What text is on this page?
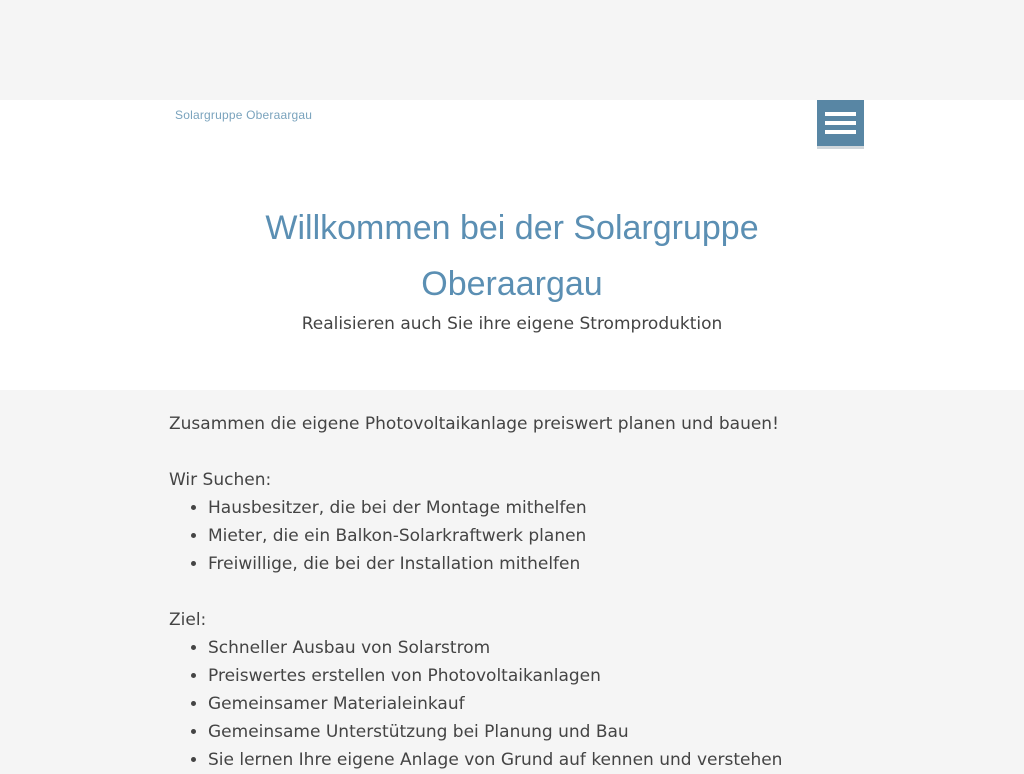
Solargruppe Oberaargau
Willkommen bei der Solargruppe
Oberaargau
Realisieren auch Sie ihre eigene Stromproduktion

Zusammen die eigene Photovoltaikanlage preiswert planen und bauen!

Wir Suchen:

• Hausbesitzer, die bei der Montage mithelfen
• Mieter, die ein Balkon-Solarkraftwerk planen
• Freiwillige, die bei der Installation mithelfen

Ziel:

• Schneller Ausbau von Solarstrom
• Preiswertes erstellen von Photovoltaikanlagen
• Gemeinsamer Materialeinkauf
• Gemeinsame Unterstützung bei Planung und Bau
• Sie lernen Ihre eigene Anlage von Grund auf kennen und verstehen
